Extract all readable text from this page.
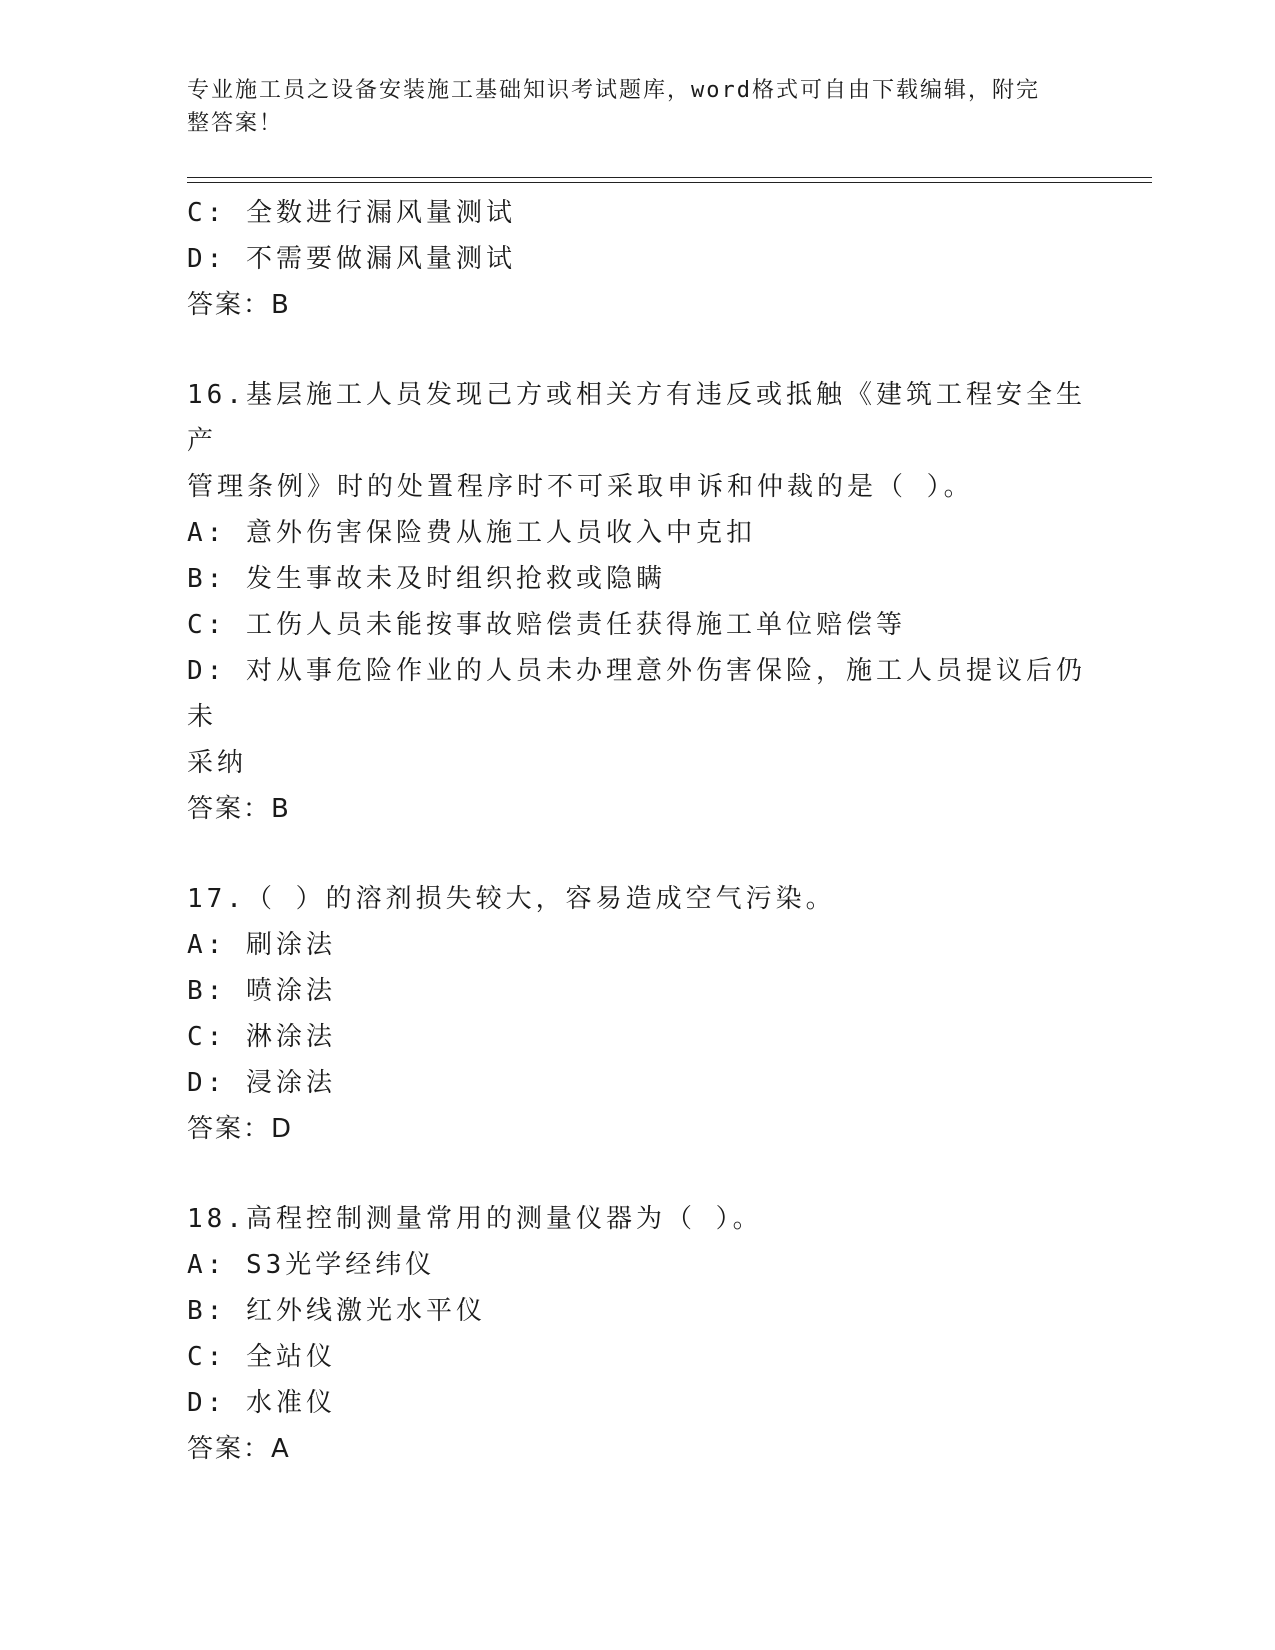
专业施工员之设备安装施工基础知识考试题库，word格式可自由下载编辑，附完
整答案！
C: 全数进行漏风量测试
D: 不需要做漏风量测试
答案：B
16.基层施工人员发现己方或相关方有违反或抵触《建筑工程安全生产
管理条例》时的处置程序时不可采取申诉和仲裁的是（ ）。
A: 意外伤害保险费从施工人员收入中克扣
B: 发生事故未及时组织抢救或隐瞒
C: 工伤人员未能按事故赔偿责任获得施工单位赔偿等
D: 对从事危险作业的人员未办理意外伤害保险，施工人员提议后仍未
采纳
答案：B
17.（ ）的溶剂损失较大，容易造成空气污染。
A: 刷涂法
B: 喷涂法
C: 淋涂法
D: 浸涂法
答案：D
18.高程控制测量常用的测量仪器为（ ）。
A: S3光学经纬仪
B: 红外线激光水平仪
C: 全站仪
D: 水准仪
答案：A
